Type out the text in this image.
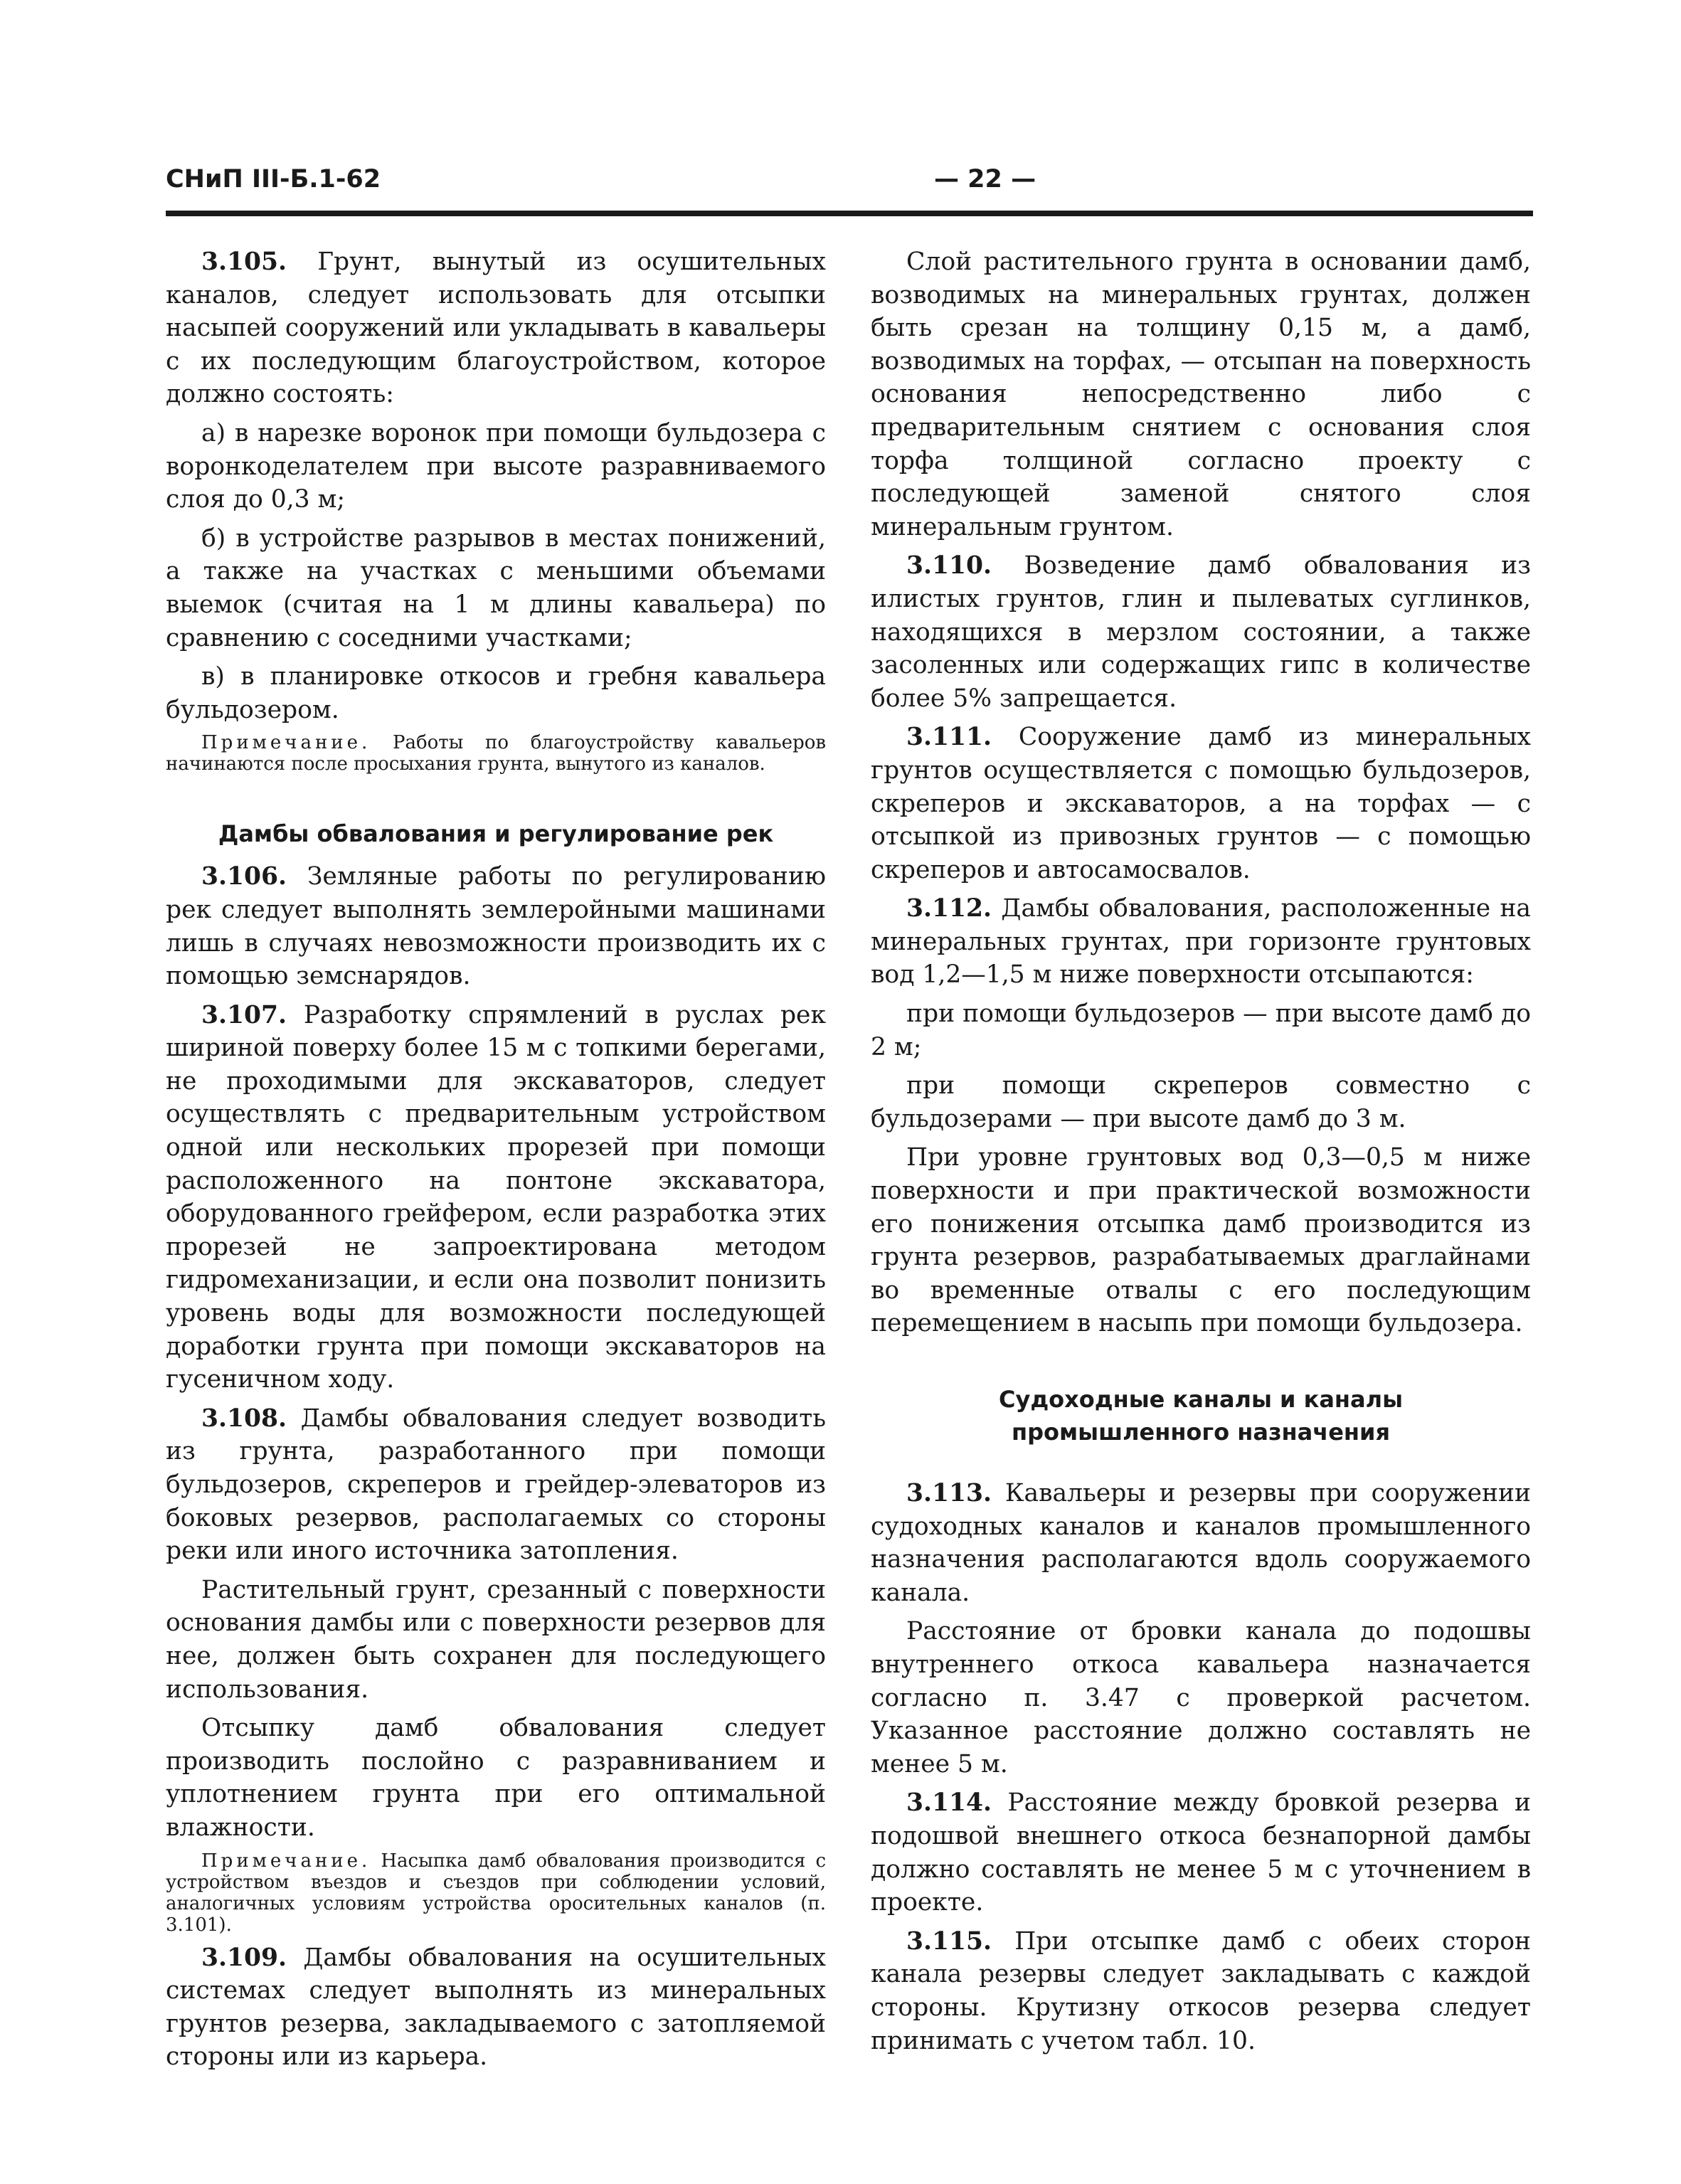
СНиП III-Б.1-62	— 22 —

3.105. Грунт, вынутый из осушительных каналов, следует использовать для отсыпки насыпей сооружений или укладывать в кавальеры с их последующим благоустройством, которое должно состоять:

а) в нарезке воронок при помощи бульдозера с воронкоделателем при высоте разравниваемого слоя до 0,3 м;

б) в устройстве разрывов в местах понижений, а также на участках с меньшими объемами выемок (считая на 1 м длины кавальера) по сравнению с соседними участками;

в) в планировке откосов и гребня кавальера бульдозером.

Примечание. Работы по благоустройству кавальеров начинаются после просыхания грунта, вынутого из каналов.

Дамбы обвалования и регулирование рек

3.106. Земляные работы по регулированию рек следует выполнять землеройными машинами лишь в случаях невозможности производить их с помощью земснарядов.

3.107. Разработку спрямлений в руслах рек шириной поверху более 15 м с топкими берегами, не проходимыми для экскаваторов, следует осуществлять с предварительным устройством одной или нескольких прорезей при помощи расположенного на понтоне экскаватора, оборудованного грейфером, если разработка этих прорезей не запроектирована методом гидромеханизации, и если она позволит понизить уровень воды для возможности последующей доработки грунта при помощи экскаваторов на гусеничном ходу.

3.108. Дамбы обвалования следует возводить из грунта, разработанного при помощи бульдозеров, скреперов и грейдер-элеваторов из боковых резервов, располагаемых со стороны реки или иного источника затопления.

Растительный грунт, срезанный с поверхности основания дамбы или с поверхности резервов для нее, должен быть сохранен для последующего использования.

Отсыпку дамб обвалования следует производить послойно с разравниванием и уплотнением грунта при его оптимальной влажности.

Примечание. Насыпка дамб обвалования производится с устройством въездов и съездов при соблюдении условий, аналогичных условиям устройства оросительных каналов (п. 3.101).

3.109. Дамбы обвалования на осушительных системах следует выполнять из минеральных грунтов резерва, закладываемого с затопляемой стороны или из карьера.

Слой растительного грунта в основании дамб, возводимых на минеральных грунтах, должен быть срезан на толщину 0,15 м, а дамб, возводимых на торфах, — отсыпан на поверхность основания непосредственно либо с предварительным снятием с основания слоя торфа толщиной согласно проекту с последующей заменой снятого слоя минеральным грунтом.

3.110. Возведение дамб обвалования из илистых грунтов, глин и пылеватых суглинков, находящихся в мерзлом состоянии, а также засоленных или содержащих гипс в количестве более 5% запрещается.

3.111. Сооружение дамб из минеральных грунтов осуществляется с помощью бульдозеров, скреперов и экскаваторов, а на торфах — с отсыпкой из привозных грунтов — с помощью скреперов и автосамосвалов.

3.112. Дамбы обвалования, расположенные на минеральных грунтах, при горизонте грунтовых вод 1,2—1,5 м ниже поверхности отсыпаются:

при помощи бульдозеров — при высоте дамб до 2 м;

при помощи скреперов совместно с бульдозерами — при высоте дамб до 3 м.

При уровне грунтовых вод 0,3—0,5 м ниже поверхности и при практической возможности его понижения отсыпка дамб производится из грунта резервов, разрабатываемых драглайнами во временные отвалы с его последующим перемещением в насыпь при помощи бульдозера.

Судоходные каналы и каналы

промышленного назначения

3.113. Кавальеры и резервы при сооружении судоходных каналов и каналов промышленного назначения располагаются вдоль сооружаемого канала.

Расстояние от бровки канала до подошвы внутреннего откоса кавальера назначается согласно п. 3.47 с проверкой расчетом. Указанное расстояние должно составлять не менее 5 м.

3.114. Расстояние между бровкой резерва и подошвой внешнего откоса безнапорной дамбы должно составлять не менее 5 м с уточнением в проекте.

3.115. При отсыпке дамб с обеих сторон канала резервы следует закладывать с каждой стороны. Крутизну откосов резерва следует принимать с учетом табл. 10.
